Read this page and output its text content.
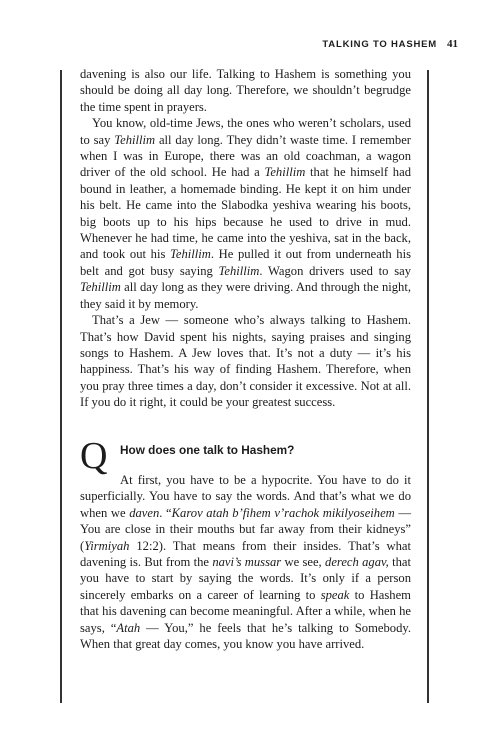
TALKING TO HASHEM 41

davening is also our life. Talking to Hashem is something you should be doing all day long. Therefore, we shouldn’t begrudge the time spent in prayers.

You know, old-time Jews, the ones who weren’t scholars, used to say Tehillim all day long. They didn’t waste time. I remember when I was in Europe, there was an old coachman, a wagon driver of the old school. He had a Tehillim that he himself had bound in leather, a homemade binding. He kept it on him under his belt. He came into the Slabodka yeshiva wearing his boots, big boots up to his hips because he used to drive in mud. Whenever he had time, he came into the yeshiva, sat in the back, and took out his Tehillim. He pulled it out from underneath his belt and got busy saying Tehillim. Wagon drivers used to say Tehillim all day long as they were driving. And through the night, they said it by memory.

That’s a Jew — someone who’s always talking to Hashem. That’s how David spent his nights, saying praises and singing songs to Hashem. A Jew loves that. It’s not a duty — it’s his happiness. That’s his way of finding Hashem. Therefore, when you pray three times a day, don’t consider it excessive. Not at all. If you do it right, it could be your greatest success.

Q How does one talk to Hashem?

At first, you have to be a hypocrite. You have to do it superficially. You have to say the words. And that’s what we do when we daven. “Karov atah b’fihem v’rachok mikilyoseihem — You are close in their mouths but far away from their kidneys” (Yirmiyah 12:2). That means from their insides. That’s what davening is. But from the navi’s mussar we see, derech agav, that you have to start by saying the words. It’s only if a person sincerely embarks on a career of learning to speak to Hashem that his davening can become meaningful. After a while, when he says, “Atah — You,” he feels that he’s talking to Somebody. When that great day comes, you know you have arrived.
